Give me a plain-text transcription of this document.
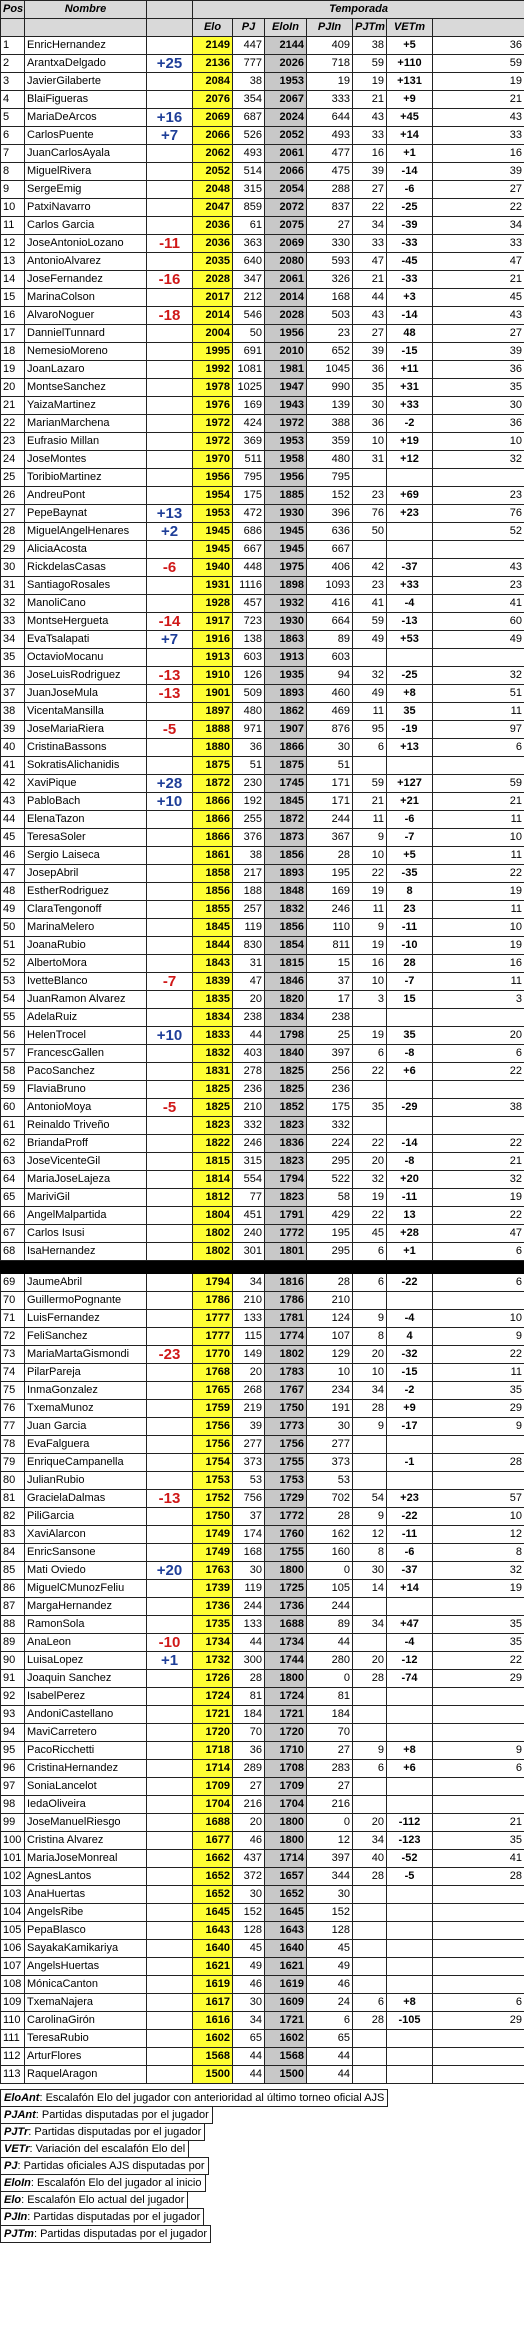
Pos	Nombre		Temporada						
			Elo	PJ	EloIn	PJIn	PJTm	VETm	
1	EnricHernandez		2149	447	2144	409	38	+5	36
2	ArantxaDelgado	+25	2136	777	2026	718	59	+110	59
3	JavierGilaberte		2084	38	1953	19	19	+131	19
4	BlaiFigueras		2076	354	2067	333	21	+9	21
5	MariaDeArcos	+16	2069	687	2024	644	43	+45	43
6	CarlosPuente	+7	2066	526	2052	493	33	+14	33
7	JuanCarlosAyala		2062	493	2061	477	16	+1	16
8	MiguelRivera		2052	514	2066	475	39	-14	39
9	SergeEmig		2048	315	2054	288	27	-6	27
10	PatxiNavarro		2047	859	2072	837	22	-25	22
11	Carlos Garcia		2036	61	2075	27	34	-39	34
12	JoseAntonioLozano	-11	2036	363	2069	330	33	-33	33
13	AntonioAlvarez		2035	640	2080	593	47	-45	47
14	JoseFernandez	-16	2028	347	2061	326	21	-33	21
15	MarinaColson		2017	212	2014	168	44	+3	45
16	AlvaroNoguer	-18	2014	546	2028	503	43	-14	43
17	DannielTunnard		2004	50	1956	23	27	48	27
18	NemesioMoreno		1995	691	2010	652	39	-15	39
19	JoanLazaro		1992	1081	1981	1045	36	+11	36
20	MontseSanchez		1978	1025	1947	990	35	+31	35
21	YaizaMartinez		1976	169	1943	139	30	+33	30
22	MarianMarchena		1972	424	1972	388	36	-2	36
23	Eufrasio Millan		1972	369	1953	359	10	+19	10
24	JoseMontes		1970	511	1958	480	31	+12	32
25	ToribioMartinez		1956	795	1956	795			
26	AndreuPont		1954	175	1885	152	23	+69	23
27	PepeBaynat	+13	1953	472	1930	396	76	+23	76
28	MiguelAngelHenares	+2	1945	686	1945	636	50		52
29	AliciaAcosta		1945	667	1945	667			
30	RickdelasCasas	-6	1940	448	1975	406	42	-37	43
31	SantiagoRosales		1931	1116	1898	1093	23	+33	23
32	ManoliCano		1928	457	1932	416	41	-4	41
33	MontseHergueta	-14	1917	723	1930	664	59	-13	60
34	EvaTsalapati	+7	1916	138	1863	89	49	+53	49
35	OctavioMocanu		1913	603	1913	603			
36	JoseLuisRodriguez	-13	1910	126	1935	94	32	-25	32
37	JuanJoseMula	-13	1901	509	1893	460	49	+8	51
38	VicentaMansilla		1897	480	1862	469	11	35	11
39	JoseMariaRiera	-5	1888	971	1907	876	95	-19	97
40	CristinaBassons		1880	36	1866	30	6	+13	6
41	SokratisAlichanidis		1875	51	1875	51			
42	XaviPique	+28	1872	230	1745	171	59	+127	59
43	PabloBach	+10	1866	192	1845	171	21	+21	21
44	ElenaTazon		1866	255	1872	244	11	-6	11
45	TeresaSoler		1866	376	1873	367	9	-7	10
46	Sergio Laiseca		1861	38	1856	28	10	+5	11
47	JosepAbril		1858	217	1893	195	22	-35	22
48	EstherRodriguez		1856	188	1848	169	19	8	19
49	ClaraTengonoff		1855	257	1832	246	11	23	11
50	MarinaMelero		1845	119	1856	110	9	-11	10
51	JoanaRubio		1844	830	1854	811	19	-10	19
52	AlbertoMora		1843	31	1815	15	16	28	16
53	IvetteBlanco	-7	1839	47	1846	37	10	-7	11
54	JuanRamon Alvarez		1835	20	1820	17	3	15	3
55	AdelaRuiz		1834	238	1834	238			
56	HelenTrocel	+10	1833	44	1798	25	19	35	20
57	FrancescGallen		1832	403	1840	397	6	-8	6
58	PacoSanchez		1831	278	1825	256	22	+6	22
59	FlaviaBruno		1825	236	1825	236			
60	AntonioMoya	-5	1825	210	1852	175	35	-29	38
61	Reinaldo Triveño		1823	332	1823	332			
62	BriandaProff		1822	246	1836	224	22	-14	22
63	JoseVicenteGil		1815	315	1823	295	20	-8	21
64	MariaJoseLajeza		1814	554	1794	522	32	+20	32
65	MariviGil		1812	77	1823	58	19	-11	19
66	AngelMalpartida		1804	451	1791	429	22	13	22
67	Carlos Isusi		1802	240	1772	195	45	+28	47
68	IsaHernandez		1802	301	1801	295	6	+1	6

69	JaumeAbril		1794	34	1816	28	6	-22	6
70	GuillermoPognante		1786	210	1786	210			
71	LuisFernandez		1777	133	1781	124	9	-4	10
72	FeliSanchez		1777	115	1774	107	8	4	9
73	MariaMartaGismondi	-23	1770	149	1802	129	20	-32	22
74	PilarPareja		1768	20	1783	10	10	-15	11
75	InmaGonzalez		1765	268	1767	234	34	-2	35
76	TxemaMunoz		1759	219	1750	191	28	+9	29
77	Juan Garcia		1756	39	1773	30	9	-17	9
78	EvaFalguera		1756	277	1756	277			
79	EnriqueCampanella		1754	373	1755	373		-1	28
80	JulianRubio		1753	53	1753	53			
81	GracielaDalmas	-13	1752	756	1729	702	54	+23	57
82	PiliGarcia		1750	37	1772	28	9	-22	10
83	XaviAlarcon		1749	174	1760	162	12	-11	12
84	EnricSansone		1749	168	1755	160	8	-6	8
85	Mati Oviedo	+20	1763	30	1800	0	30	-37	32
86	MiguelCMunozFeliu		1739	119	1725	105	14	+14	19
87	MargaHernandez		1736	244	1736	244			
88	RamonSola		1735	133	1688	89	34	+47	35
89	AnaLeon	-10	1734	44	1734	44		-4	35
90	LuisaLopez	+1	1732	300	1744	280	20	-12	22
91	Joaquin Sanchez		1726	28	1800	0	28	-74	29
92	IsabelPerez		1724	81	1724	81			
93	AndoniCastellano		1721	184	1721	184			
94	MaviCarretero		1720	70	1720	70			
95	PacoRicchetti		1718	36	1710	27	9	+8	9
96	CristinaHernandez		1714	289	1708	283	6	+6	6
97	SoniaLancelot		1709	27	1709	27			
98	IedaOliveira		1704	216	1704	216			
99	JoseManuelRiesgo		1688	20	1800	0	20	-112	21
100	Cristina Alvarez		1677	46	1800	12	34	-123	35
101	MariaJoseMonreal		1662	437	1714	397	40	-52	41
102	AgnesLantos		1652	372	1657	344	28	-5	28
103	AnaHuertas		1652	30	1652	30			
104	AngelsRibe		1645	152	1645	152			
105	PepaBlasco		1643	128	1643	128			
106	SayakaKamikariya		1640	45	1640	45			
107	AngelsHuertas		1621	49	1621	49			
108	MónicaCanton		1619	46	1619	46			
109	TxemaNajera		1617	30	1609	24	6	+8	6
110	CarolinaGirón		1616	34	1721	6	28	-105	29
111	TeresaRubio		1602	65	1602	65			
112	ArturFlores		1568	44	1568	44			
113	RaquelAragon		1500	44	1500	44			
EloAnt: Escalafón Elo del jugador con anterioridad al último torneo oficial AJS
PJAnt: Partidas disputadas por el jugador
PJTr: Partidas disputadas por el jugador
VETr: Variación del escalafón Elo del
PJ: Partidas oficiales AJS disputadas por
EloIn: Escalafón Elo del jugador al inicio
Elo: Escalafón Elo actual del jugador
PJIn: Partidas disputadas por el jugador
PJTm: Partidas disputadas por el jugador
